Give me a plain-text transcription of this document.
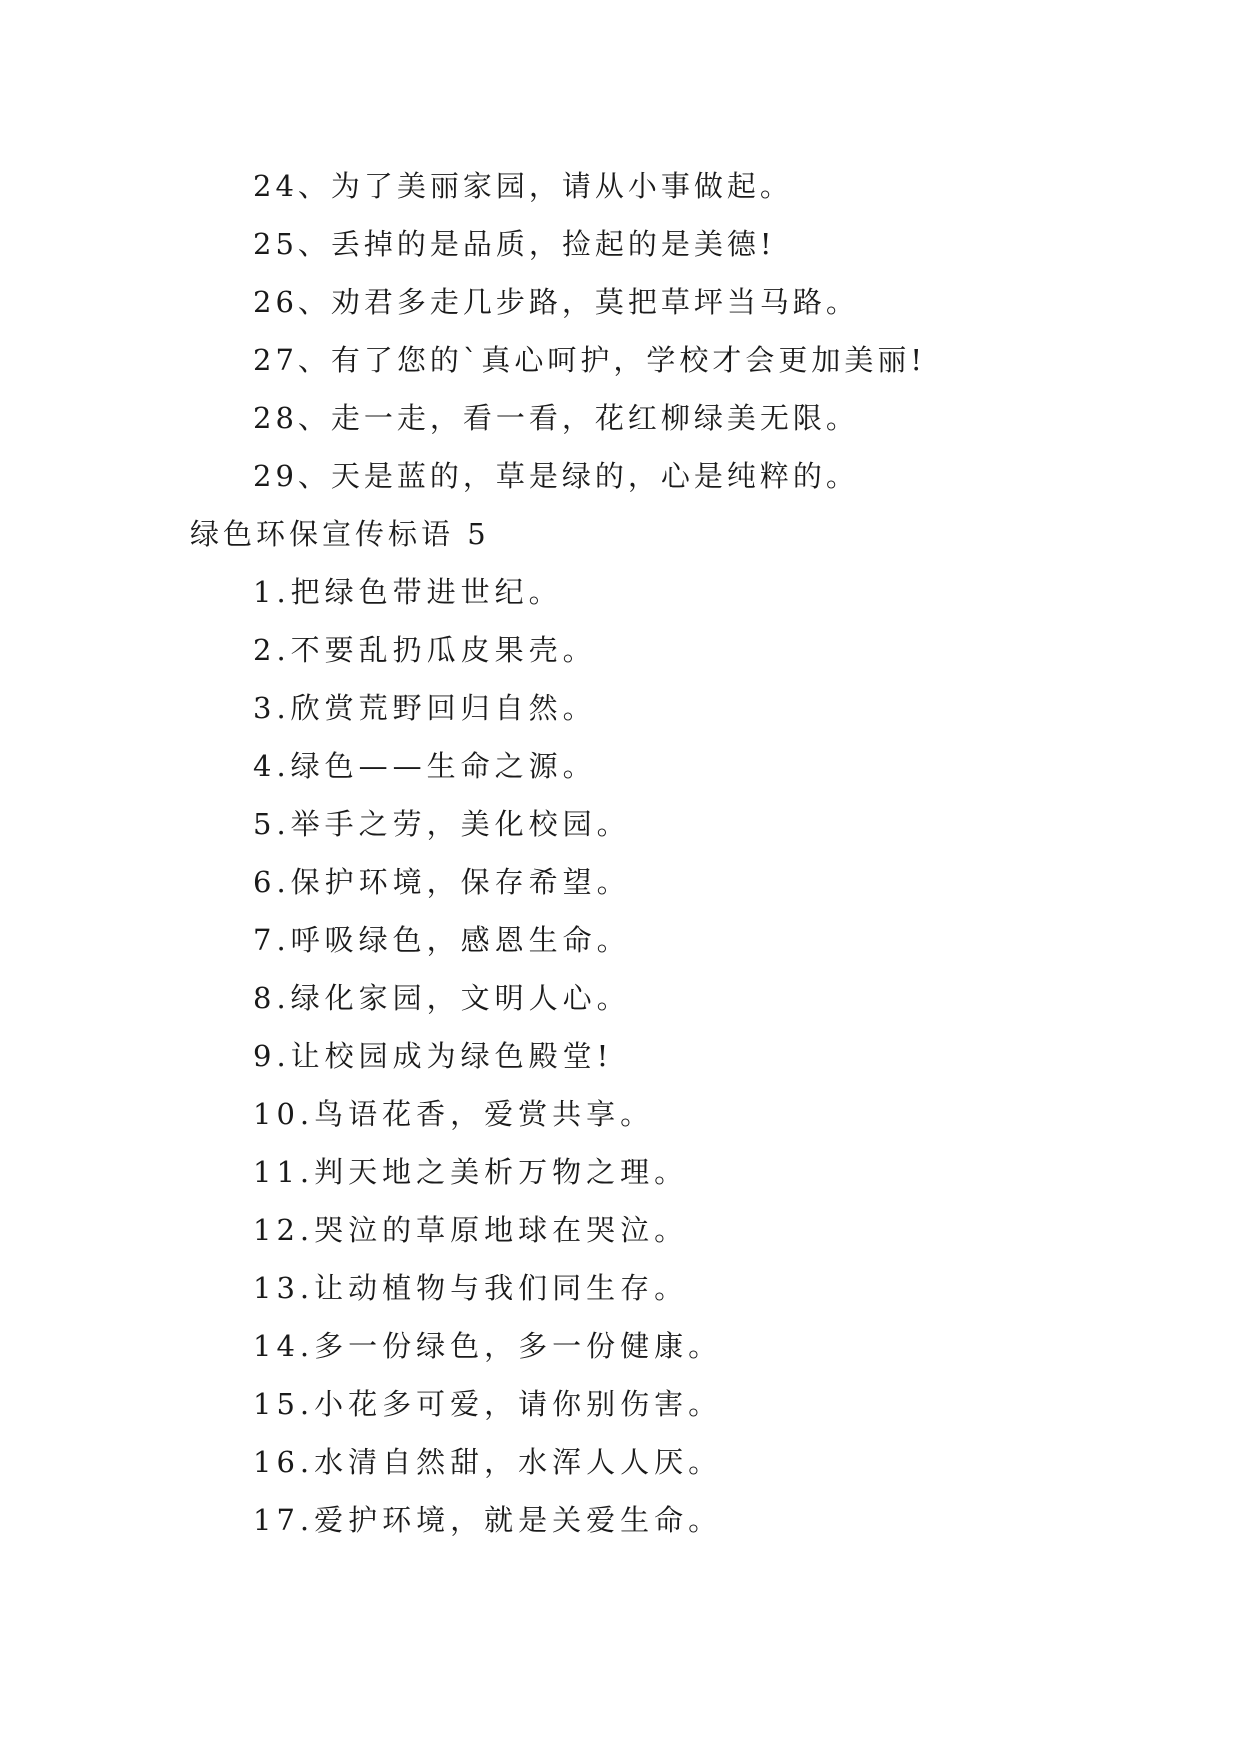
24、为了美丽家园，请从小事做起。
25、丢掉的是品质，捡起的是美德!
26、劝君多走几步路，莫把草坪当马路。
27、有了您的`真心呵护，学校才会更加美丽!
28、走一走，看一看，花红柳绿美无限。
29、天是蓝的，草是绿的，心是纯粹的。
绿色环保宣传标语 5
1.把绿色带进世纪。
2.不要乱扔瓜皮果壳。
3.欣赏荒野回归自然。
4.绿色——生命之源。
5.举手之劳，美化校园。
6.保护环境，保存希望。
7.呼吸绿色，感恩生命。
8.绿化家园，文明人心。
9.让校园成为绿色殿堂!
10.鸟语花香，爱赏共享。
11.判天地之美析万物之理。
12.哭泣的草原地球在哭泣。
13.让动植物与我们同生存。
14.多一份绿色，多一份健康。
15.小花多可爱，请你别伤害。
16.水清自然甜，水浑人人厌。
17.爱护环境，就是关爱生命。
